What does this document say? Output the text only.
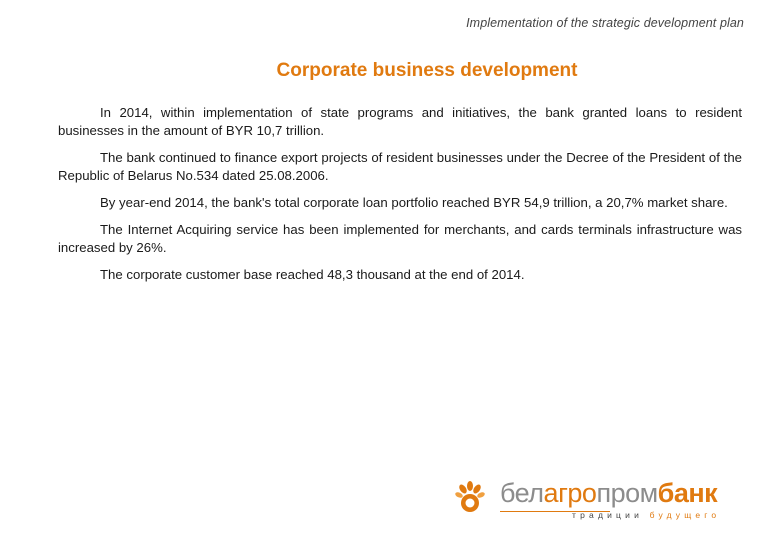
Implementation of the strategic development plan
Corporate business development

In 2014, within implementation of state programs and initiatives, the bank granted loans to resident businesses in the amount of BYR 10,7 trillion.

The bank continued to finance export projects of resident businesses under the Decree of the President of the Republic of Belarus No.534 dated 25.08.2006.

By year-end 2014, the bank's total corporate loan portfolio reached BYR 54,9 trillion, a 20,7% market share.

The Internet Acquiring service has been implemented for merchants, and cards terminals infrastructure was increased by 26%.

The corporate customer base reached 48,3 thousand at the end of 2014.

белагропромбанк
традиции будущего
